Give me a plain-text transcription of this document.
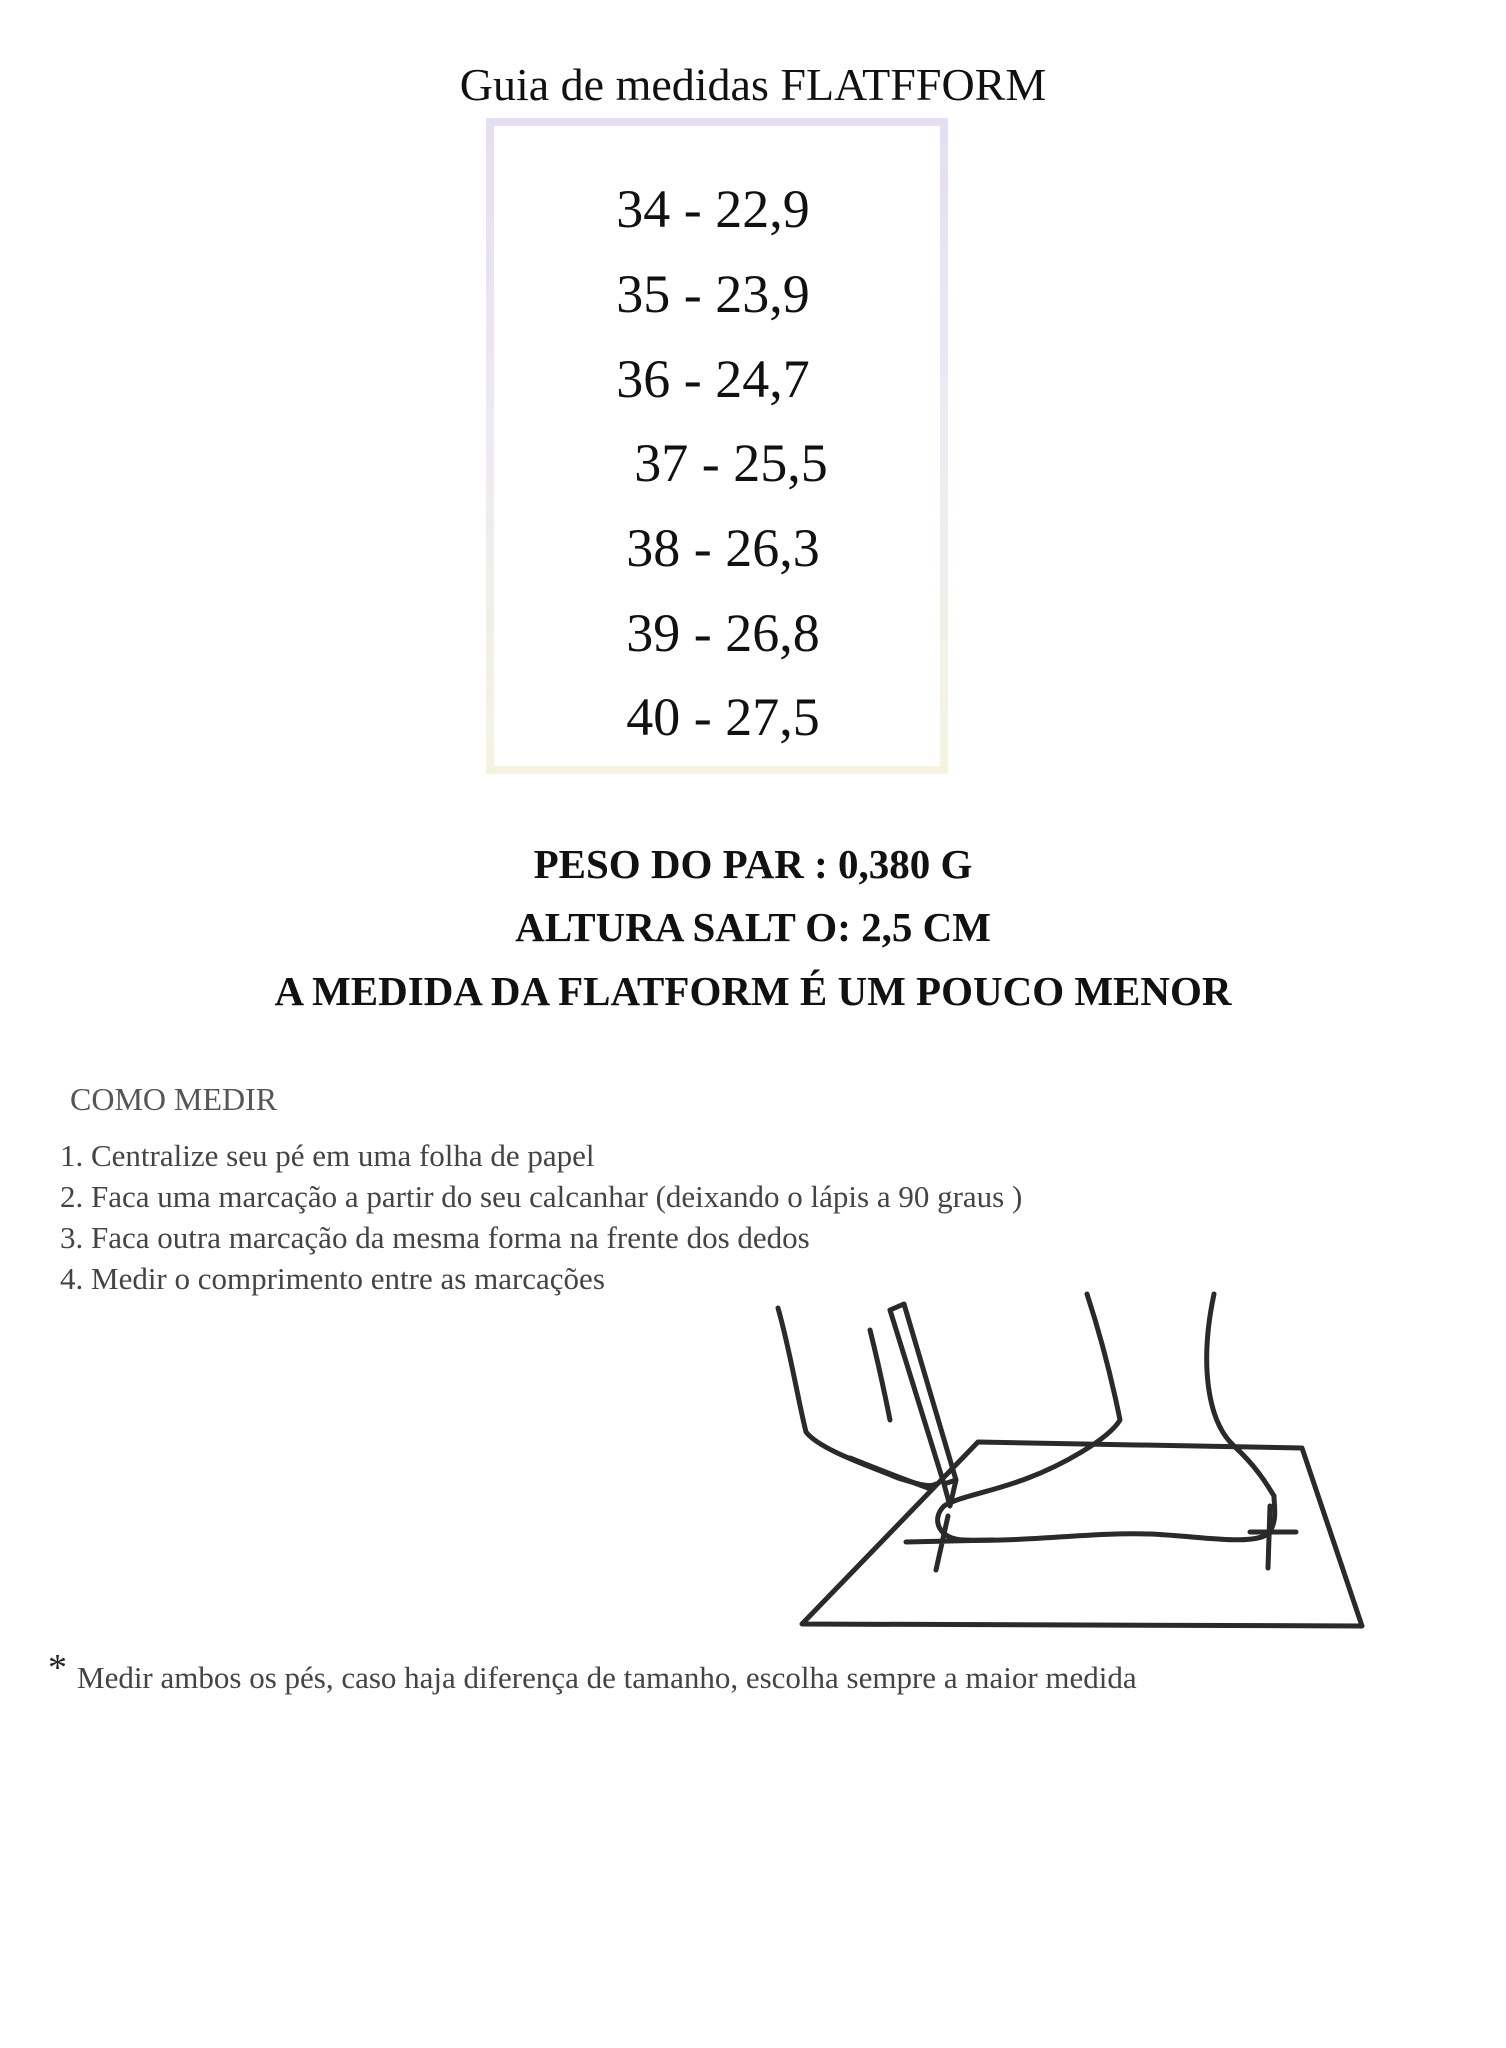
Guia de medidas FLATFFORM
34 - 22,9
35 - 23,9
36 - 24,7
37 - 25,5
38 - 26,3
39 - 26,8
40 - 27,5
PESO DO PAR : 0,380 G
ALTURA SALT O: 2,5 CM
A MEDIDA DA FLATFORM É UM POUCO MENOR
COMO MEDIR
1. Centralize seu pé em uma folha de papel
2. Faca uma marcação a partir do seu calcanhar (deixando o lápis a 90 graus )
3. Faca outra marcação da mesma forma na frente dos dedos
4. Medir o comprimento entre as marcações
* Medir ambos os pés, caso haja diferença de tamanho, escolha sempre a maior medida
